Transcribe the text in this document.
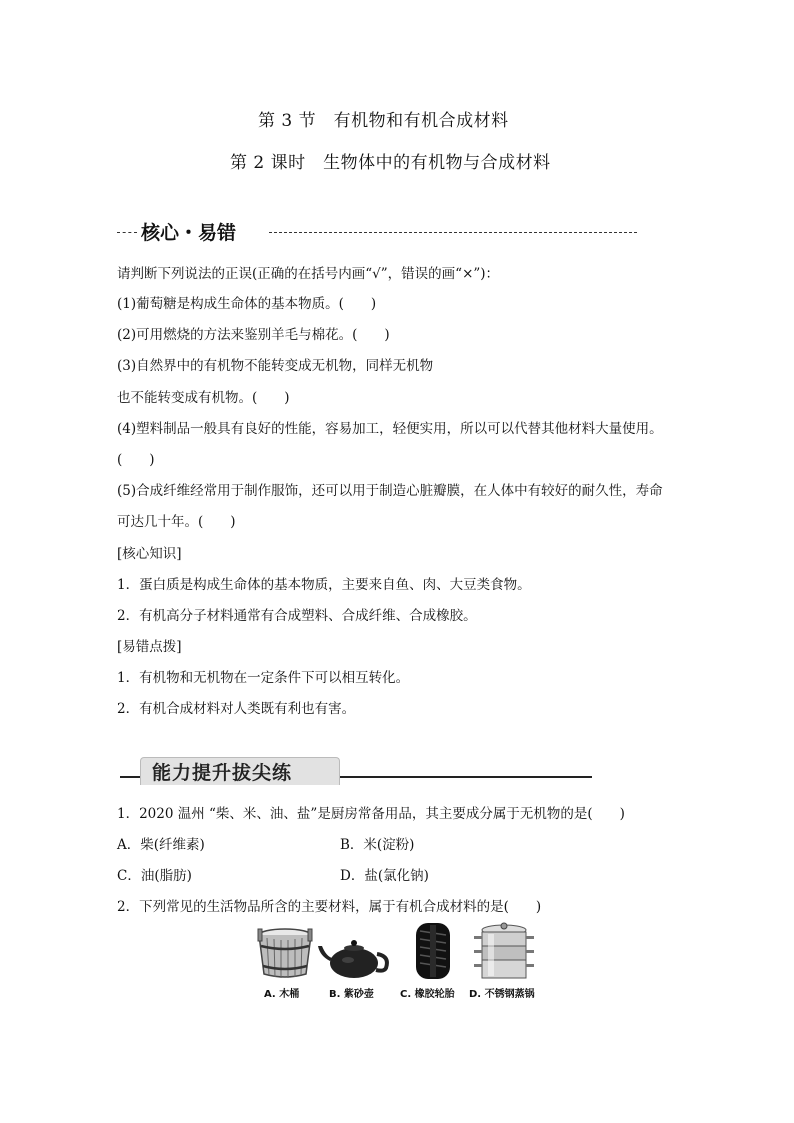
第 3 节　有机物和有机合成材料
第 2 课时　生物体中的有机物与合成材料
核心・易错
请判断下列说法的正误(正确的在括号内画“√”，错误的画“×”)：
(1)葡萄糖是构成生命体的基本物质。(　　)
(2)可用燃烧的方法来鉴别羊毛与棉花。(　　)
(3)自然界中的有机物不能转变成无机物，同样无机物
也不能转变成有机物。(　　)
(4)塑料制品一般具有良好的性能，容易加工，轻便实用，所以可以代替其他材料大量使用。
(　　)
(5)合成纤维经常用于制作服饰，还可以用于制造心脏瓣膜，在人体中有较好的耐久性，寿命
可达几十年。(　　)
[核心知识]
1．蛋白质是构成生命体的基本物质，主要来自鱼、肉、大豆类食物。
2．有机高分子材料通常有合成塑料、合成纤维、合成橡胶。
[易错点拨]
1．有机物和无机物在一定条件下可以相互转化。
2．有机合成材料对人类既有利也有害。
能力提升拔尖练
1．2020 温州 “柴、米、油、盐”是厨房常备用品，其主要成分属于无机物的是(　　)
A．柴(纤维素)	B．米(淀粉)
C．油(脂肪)	D．盐(氯化钠)
2．下列常见的生活物品所含的主要材料，属于有机合成材料的是(　　)
A. 木桶	B. 紫砂壶	C. 橡胶轮胎 D. 不锈钢蒸锅
